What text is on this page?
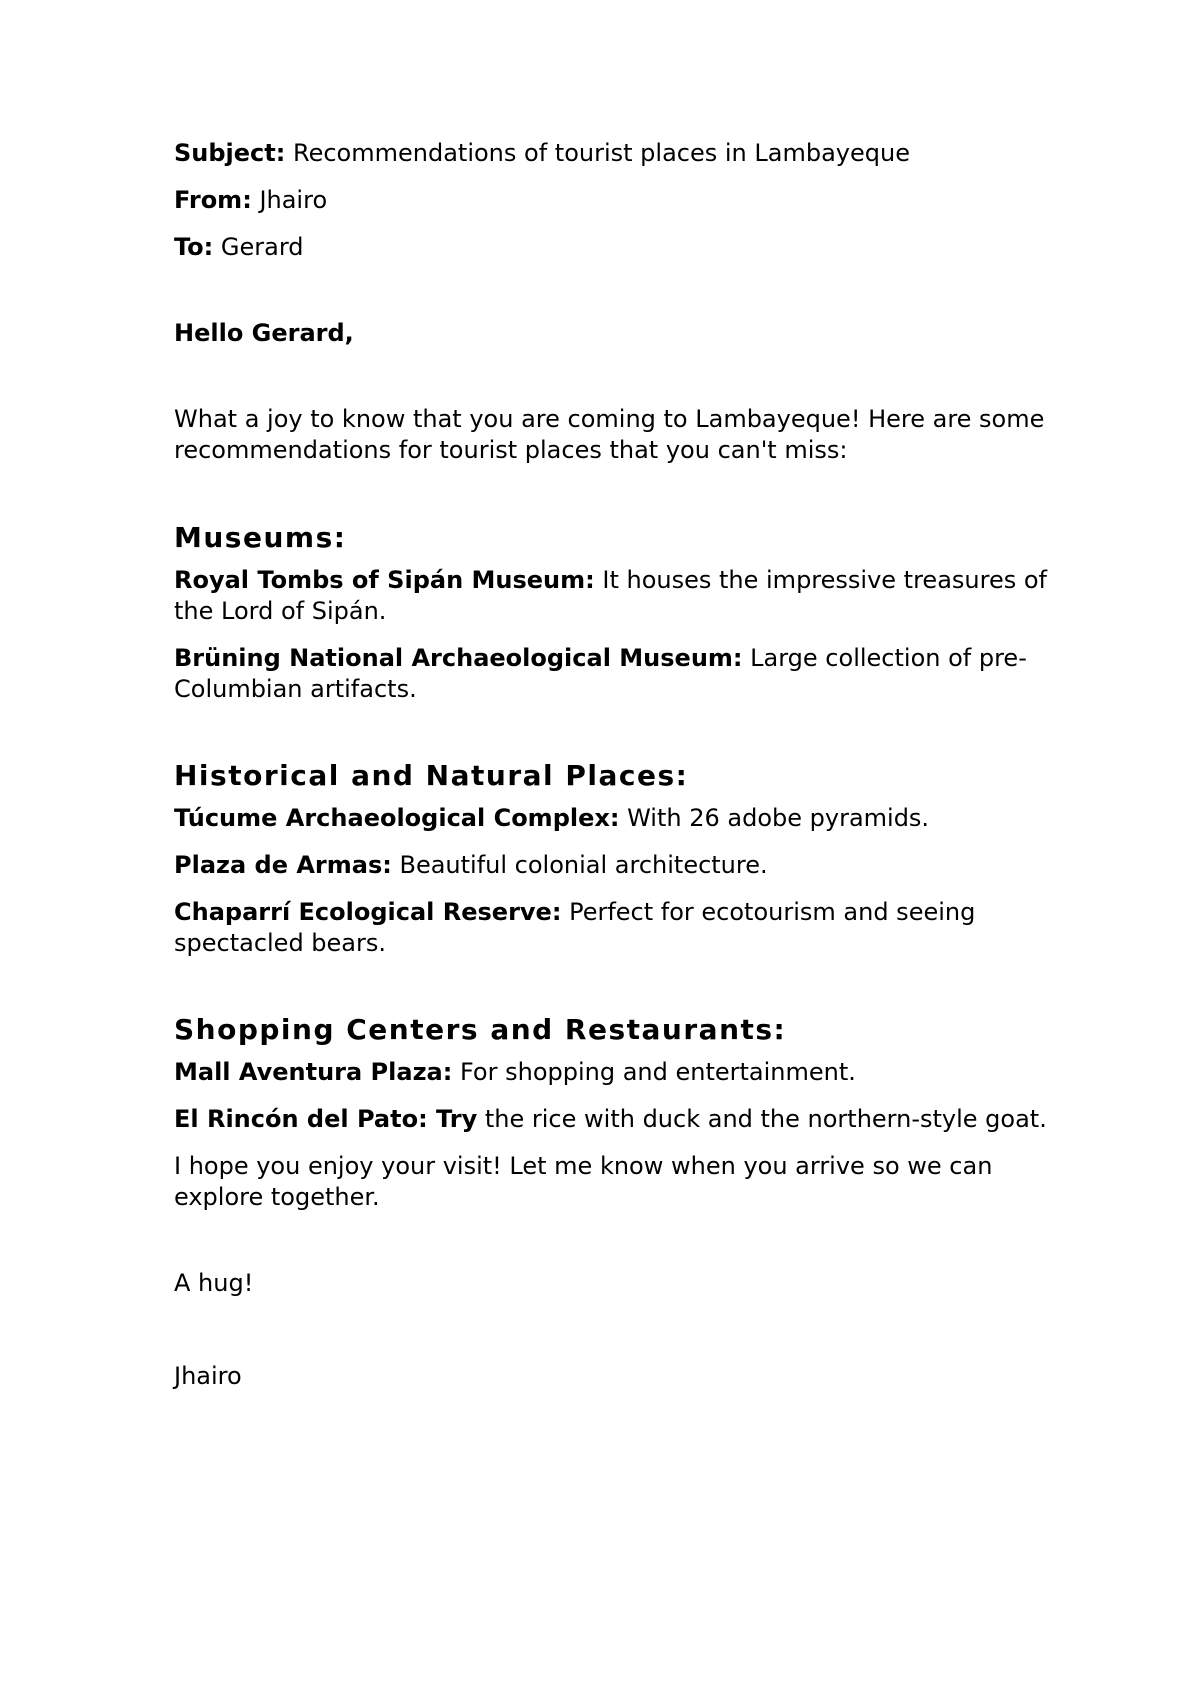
Subject: Recommendations of tourist places in Lambayeque

From: Jhairo

To: Gerard

Hello Gerard,

What a joy to know that you are coming to Lambayeque! Here are some recommendations for tourist places that you can't miss:

Museums:

Royal Tombs of Sipán Museum: It houses the impressive treasures of the Lord of Sipán.

Brüning National Archaeological Museum: Large collection of pre-Columbian artifacts.

Historical and Natural Places:

Túcume Archaeological Complex: With 26 adobe pyramids.

Plaza de Armas: Beautiful colonial architecture.

Chaparrí Ecological Reserve: Perfect for ecotourism and seeing spectacled bears.

Shopping Centers and Restaurants:

Mall Aventura Plaza: For shopping and entertainment.

El Rincón del Pato: Try the rice with duck and the northern-style goat.

I hope you enjoy your visit! Let me know when you arrive so we can explore together.

A hug!

Jhairo
